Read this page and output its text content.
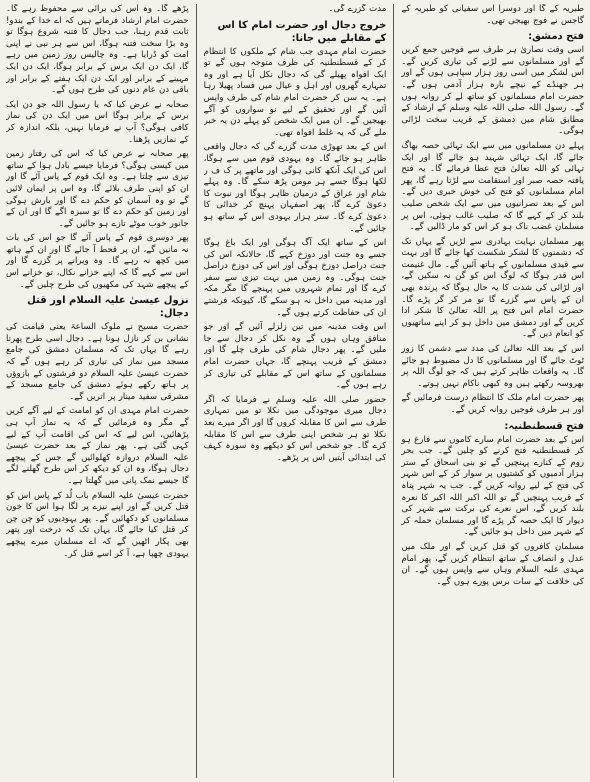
طبریہ کے گا اور دوسرا اس سفیانی کو طبریہ کے گاجس نے فوج بھیجی تھی۔

فتح دمشق:

اسی وقت نصاریٰ ہر طرف سے فوجیں جمع کریں گے اور مسلمانوں سے لڑنے کی تیاری کریں گے۔ اس لشکر میں اسی روز ہزار سپاہی ہوں گے اور ہر جھنڈے کے نیچے بارہ ہزار آدمی ہوں گے۔ حضرت امام مسلمانوں کو ساتھ لے کر روانہ ہوں گے۔ رسول اللہ صلی اللہ علیہ وسلم کے ارشاد کے مطابق شام میں دمشق کے قریب سخت لڑائی ہوگی۔

پہلے دن مسلمانوں میں سے ایک تہائی حصہ بھاگ جائے گا، ایک تہائی شہید ہو جائے گا اور ایک تہائی کو اللہ تعالیٰ فتح عطا فرمائے گا۔ یہ فتح یافتہ حصہ صبر اور استقامت سے لڑتا رہے گا، پھر امام مسلمانوں کو فتح کی خوش خبری دیں گے۔ اس کے بعد نصرانیوں میں سے ایک شخص صلیب بلند کر کے کہے گا کہ صلیب غالب ہوئی، اس پر مسلمان غضب ناک ہو کر اس کو مار ڈالیں گے۔

پھر مسلمان نہایت بہادری سے لڑیں گے یہاں تک کہ دشمنوں کا لشکر شکست کھا جائے گا اور بہت سے قیدی مسلمانوں کے ہاتھ آئیں گے۔ مال غنیمت اس قدر ہوگا کہ لوگ اس کو گن نہ سکیں گے، اور لڑائی کی شدت کا یہ حال ہوگا کہ پرندہ بھی ان کے پاس سے گزرے گا تو مر کر گر پڑے گا۔ حضرت امام اس فتح پر اللہ تعالیٰ کا شکر ادا کریں گے اور دمشق میں داخل ہو کر اپنے ساتھیوں کو انعام دیں گے۔

اس کے بعد اللہ تعالیٰ کی مدد سے دشمن کا زور ٹوٹ جائے گا اور مسلمانوں کا دل مضبوط ہو جائے گا۔ یہ واقعات ظاہر کرتے ہیں کہ جو لوگ اللہ پر بھروسہ رکھتے ہیں وہ کبھی ناکام نہیں ہوتے۔

پھر حضرت امام ملک کا انتظام درست فرمائیں گے اور ہر طرف فوجیں روانہ کریں گے۔

فتح قسطنطنیہ:

اس کے بعد حضرت امام سارے کاموں سے فارغ ہو کر قسطنطنیہ فتح کرنے کو چلیں گے۔ جب بحر روم کے کنارے پہنچیں گے تو بنی اسحاق کے ستر ہزار آدمیوں کو کشتیوں پر سوار کر کے اس شہر کی فتح کے لیے روانہ کریں گے۔ جب یہ شہر پناہ کے قریب پہنچیں گے تو اللہ اکبر اللہ اکبر کا نعرہ بلند کریں گے، اس نعرے کی برکت سے شہر کی دیوار کا ایک حصہ گر پڑے گا اور مسلمان حملہ کر کے شہر میں داخل ہو جائیں گے۔

مسلمان کافروں کو قتل کریں گے اور ملک میں عدل و انصاف کے ساتھ انتظام کریں گے، پھر امام مہدی علیہ السلام وہاں سے واپس ہوں گے۔ ان کی خلافت کے سات برس پورے ہوں گے۔

مدت گزرے گی۔

خروج دجال اور حضرت امام کا اس کے مقابلے میں جانا:

حضرت امام مہدی جب شام کے ملکوں کا انتظام کر کے قسطنطنیہ کی طرف متوجہ ہوں گے تو ایک افواہ پھیلے گی کہ دجال نکل آیا ہے اور وہ تمہارے گھروں اور اہل و عیال میں فساد پھیلا رہا ہے۔ یہ سن کر حضرت امام شام کی طرف واپس آئیں گے اور تحقیق کے لیے نو سواروں کو آگے بھیجیں گے۔ ان میں ایک شخص کو پہلے دن یہ خبر ملے گی کہ یہ غلط افواہ تھی۔

اس کے بعد تھوڑی مدت گزرے گی کہ دجال واقعی ظاہر ہو جائے گا۔ وہ یہودی قوم میں سے ہوگا، اس کی ایک آنکھ کانی ہوگی اور ماتھے پر ک ف ر لکھا ہوگا جسے ہر مومن پڑھ سکے گا۔ وہ پہلے شام اور عراق کے درمیان ظاہر ہوگا اور نبوت کا دعویٰ کرے گا، پھر اصفہان پہنچ کر خدائی کا دعویٰ کرے گا۔ ستر ہزار یہودی اس کے ساتھ ہو جائیں گے۔

اس کے ساتھ ایک آگ ہوگی اور ایک باغ ہوگا جسے وہ جنت اور دوزخ کہے گا، حالانکہ اس کی جنت دراصل دوزخ ہوگی اور اس کی دوزخ دراصل جنت ہوگی۔ وہ زمین میں بہت تیزی سے سفر کرے گا اور تمام شہروں میں پہنچے گا مگر مکہ اور مدینہ میں داخل نہ ہو سکے گا، کیونکہ فرشتے ان کی حفاظت کرتے ہوں گے۔

اس وقت مدینہ میں تین زلزلے آئیں گے اور جو منافق وہاں ہوں گے وہ نکل کر دجال سے جا ملیں گے۔ پھر دجال شام کی طرف چلے گا اور دمشق کے قریب پہنچے گا، جہاں حضرت امام مسلمانوں کے ساتھ اس کے مقابلے کی تیاری کر رہے ہوں گے۔

حضور صلی اللہ علیہ وسلم نے فرمایا کہ اگر دجال میری موجودگی میں نکلا تو میں تمہاری طرف سے اس کا مقابلہ کروں گا اور اگر میرے بعد نکلا تو ہر شخص اپنی طرف سے اس کا مقابلہ کرے گا۔ جو شخص اس کو دیکھے وہ سورہ کہف کی ابتدائی آیتیں اس پر پڑھے۔

پڑھے گا۔ وہ اس کی برائی سے محفوظ رہے گا۔ حضرت امام ارشاد فرماتے ہیں کہ اے خدا کے بندو! ثابت قدم رہنا، جب دجال کا فتنہ شروع ہوگا تو وہ بڑا سخت فتنہ ہوگا، اس سے ہر نبی نے اپنی امت کو ڈرایا ہے۔ وہ چالیس روز زمین میں رہے گا، ایک دن ایک برس کے برابر ہوگا، ایک دن ایک مہینے کے برابر اور ایک دن ایک ہفتے کے برابر اور باقی دن عام دنوں کی طرح ہوں گے۔

صحابہ نے عرض کیا کہ یا رسول اللہ جو دن ایک برس کے برابر ہوگا اس میں ایک دن کی نماز کافی ہوگی؟ آپ نے فرمایا نہیں، بلکہ اندازہ کر کے نمازیں پڑھنا۔

پھر صحابہ نے عرض کیا کہ اس کی رفتار زمین میں کیسی ہوگی؟ فرمایا جیسے بادل ہوا کے ساتھ تیزی سے چلتا ہے۔ وہ ایک قوم کے پاس آئے گا اور ان کو اپنی طرف بلائے گا، وہ اس پر ایمان لائیں گے تو وہ آسمان کو حکم دے گا اور بارش ہوگی اور زمین کو حکم دے گا تو سبزہ اگے گا اور ان کے جانور خوب موٹے تازے ہو جائیں گے۔

پھر دوسری قوم کے پاس آئے گا جو اس کی بات نہ مانیں گے، ان پر قحط آ جائے گا اور ان کے ہاتھ میں کچھ نہ رہے گا۔ وہ ویرانے پر گزرے گا اور اس سے کہے گا کہ اپنے خزانے نکال، تو خزانے اس کے پیچھے شہد کی مکھیوں کی طرح چلیں گے۔

نزول عیسیٰ علیہ السلام اور قتل دجال:

حضرت مسیح نے ملوک الساعۃ یعنی قیامت کی نشانی بن کر نازل ہونا ہے۔ دجال اسی طرح پھرتا رہے گا یہاں تک کہ مسلمان دمشق کی جامع مسجد میں نماز کی تیاری کر رہے ہوں گے کہ حضرت عیسیٰ علیہ السلام دو فرشتوں کے بازوؤں پر ہاتھ رکھے ہوئے دمشق کی جامع مسجد کے مشرقی سفید مینار پر اتریں گے۔

حضرت امام مہدی ان کو امامت کے لیے آگے کریں گے مگر وہ فرمائیں گے کہ یہ نماز آپ ہی پڑھائیں، اس لیے کہ اس کی اقامت آپ کے لیے کہی گئی ہے۔ پھر نماز کے بعد حضرت عیسیٰ علیہ السلام دروازہ کھلوائیں گے جس کے پیچھے دجال ہوگا، وہ ان کو دیکھ کر اس طرح گھلنے لگے گا جیسے نمک پانی میں گھلتا ہے۔

حضرت عیسیٰ علیہ السلام باب لُد کے پاس اس کو قتل کریں گے اور اپنے نیزے پر لگا ہوا اس کا خون مسلمانوں کو دکھائیں گے۔ پھر یہودیوں کو چن چن کر قتل کیا جائے گا، یہاں تک کہ درخت اور پتھر بھی پکار اٹھیں گے کہ اے مسلمان میرے پیچھے یہودی چھپا ہے، آ کر اسے قتل کر۔
